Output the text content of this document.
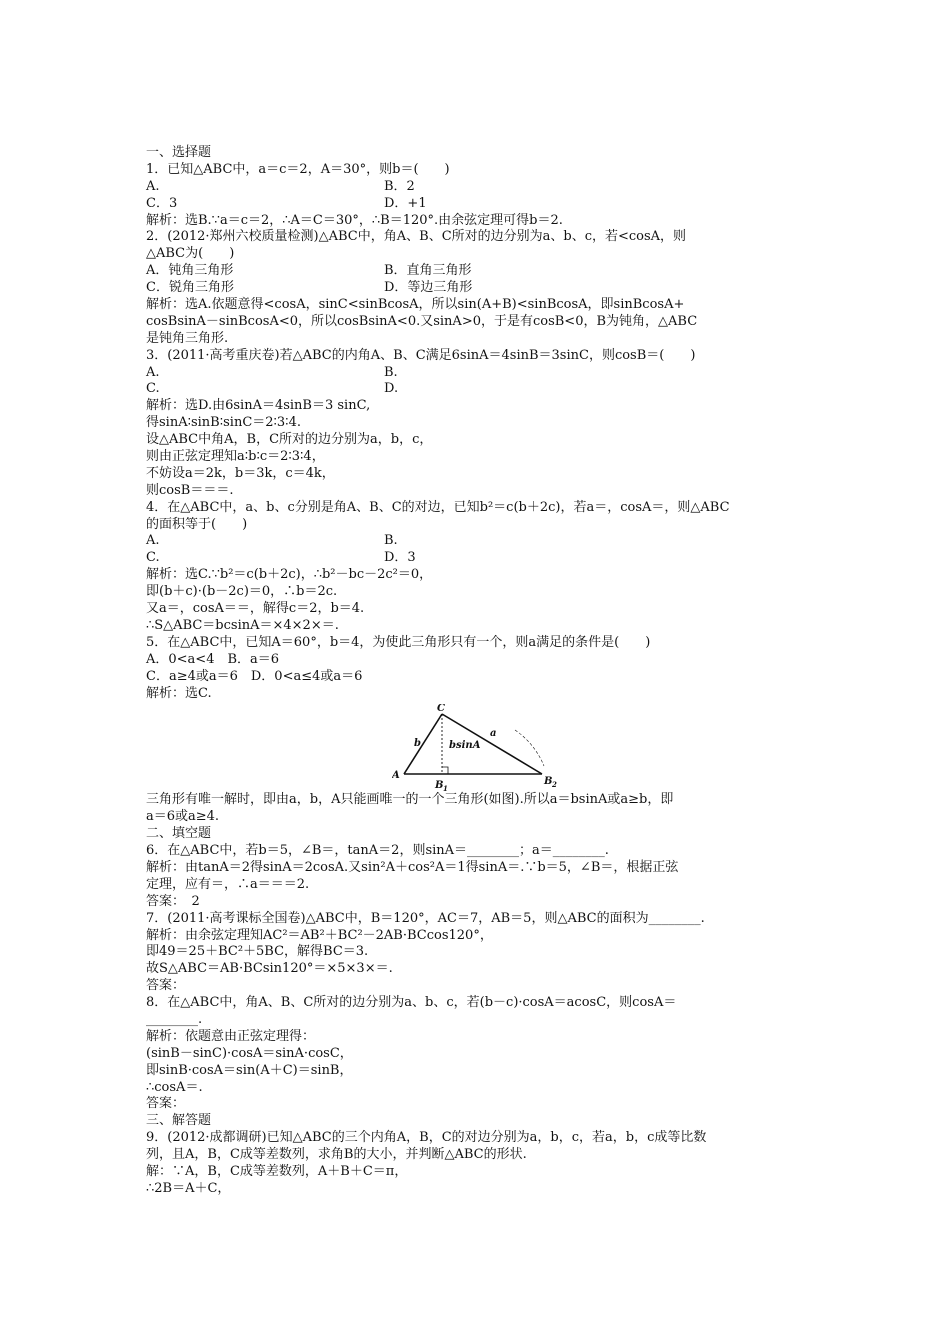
一、选择题
1．已知△ABC中，a＝c＝2，A＝30°，则b＝(　　)
A.	B．2
C．3	D．+1
解析：选B.∵a＝c＝2，∴A＝C＝30°，∴B＝120°.由余弦定理可得b＝2.
2．(2012·郑州六校质量检测)△ABC中，角A、B、C所对的边分别为a、b、c，若<cosA，则
△ABC为(　　)
A．钝角三角形	B．直角三角形
C．锐角三角形	D．等边三角形
解析：选A.依题意得<cosA，sinC<sinBcosA，所以sin(A+B)<sinBcosA，即sinBcosA+
cosBsinA－sinBcosA<0，所以cosBsinA<0.又sinA>0，于是有cosB<0，B为钝角，△ABC
是钝角三角形.
3．(2011·高考重庆卷)若△ABC的内角A、B、C满足6sinA＝4sinB＝3sinC，则cosB＝(　　)
A.	B.
C.	D.
解析：选D.由6sinA＝4sinB＝3 sinC,
得sinA∶sinB∶sinC＝2∶3∶4.
设△ABC中角A，B，C所对的边分别为a，b，c，
则由正弦定理知a∶b∶c＝2∶3∶4，
不妨设a＝2k，b＝3k，c＝4k，
则cosB＝＝＝.
4．在△ABC中，a、b、c分别是角A、B、C的对边，已知b²＝c(b＋2c)，若a＝，cosA＝，则△ABC
的面积等于(　　)
A.	B.
C.	D．3
解析：选C.∵b²＝c(b＋2c)，∴b²－bc－2c²＝0，
即(b＋c)·(b－2c)＝0，∴b＝2c.
又a＝，cosA＝＝，解得c＝2，b＝4.
∴S△ABC＝bcsinA＝×4×2×＝.
5．在△ABC中，已知A＝60°，b＝4，为使此三角形只有一个，则a满足的条件是(　　)
A．0<a<4　B．a＝6
C．a≥4或a＝6　D．0<a≤4或a＝6
解析：选C.
C
A
B 1
B 2
a
b	bsinA
三角形有唯一解时，即由a，b，A只能画唯一的一个三角形(如图).所以a＝bsinA或a≥b，即
a＝6或a≥4.
二、填空题
6．在△ABC中，若b＝5，∠B＝，tanA＝2，则sinA＝________；a＝________.
解析：由tanA＝2得sinA＝2cosA.又sin²A＋cos²A＝1得sinA＝.∵b＝5，∠B＝，根据正弦
定理，应有＝，∴a＝＝＝2.
答案：　2
7．(2011·高考课标全国卷)△ABC中，B＝120°，AC＝7，AB＝5，则△ABC的面积为________.
解析：由余弦定理知AC²＝AB²＋BC²－2AB·BCcos120°，
即49＝25＋BC²＋5BC，解得BC＝3.
故S△ABC＝AB·BCsin120°＝×5×3×＝.
答案：
8．在△ABC中，角A、B、C所对的边分别为a、b、c，若(b－c)·cosA＝acosC，则cosA＝
________.
解析：依题意由正弦定理得：
(sinB－sinC)·cosA＝sinA·cosC，
即sinB·cosA＝sin(A＋C)＝sinB，
∴cosA＝.
答案：
三、解答题
9．(2012·成都调研)已知△ABC的三个内角A，B，C的对边分别为a，b，c，若a，b，c成等比数
列，且A，B，C成等差数列，求角B的大小，并判断△ABC的形状.
解：∵A，B，C成等差数列，A＋B＋C＝π，
∴2B＝A＋C，
